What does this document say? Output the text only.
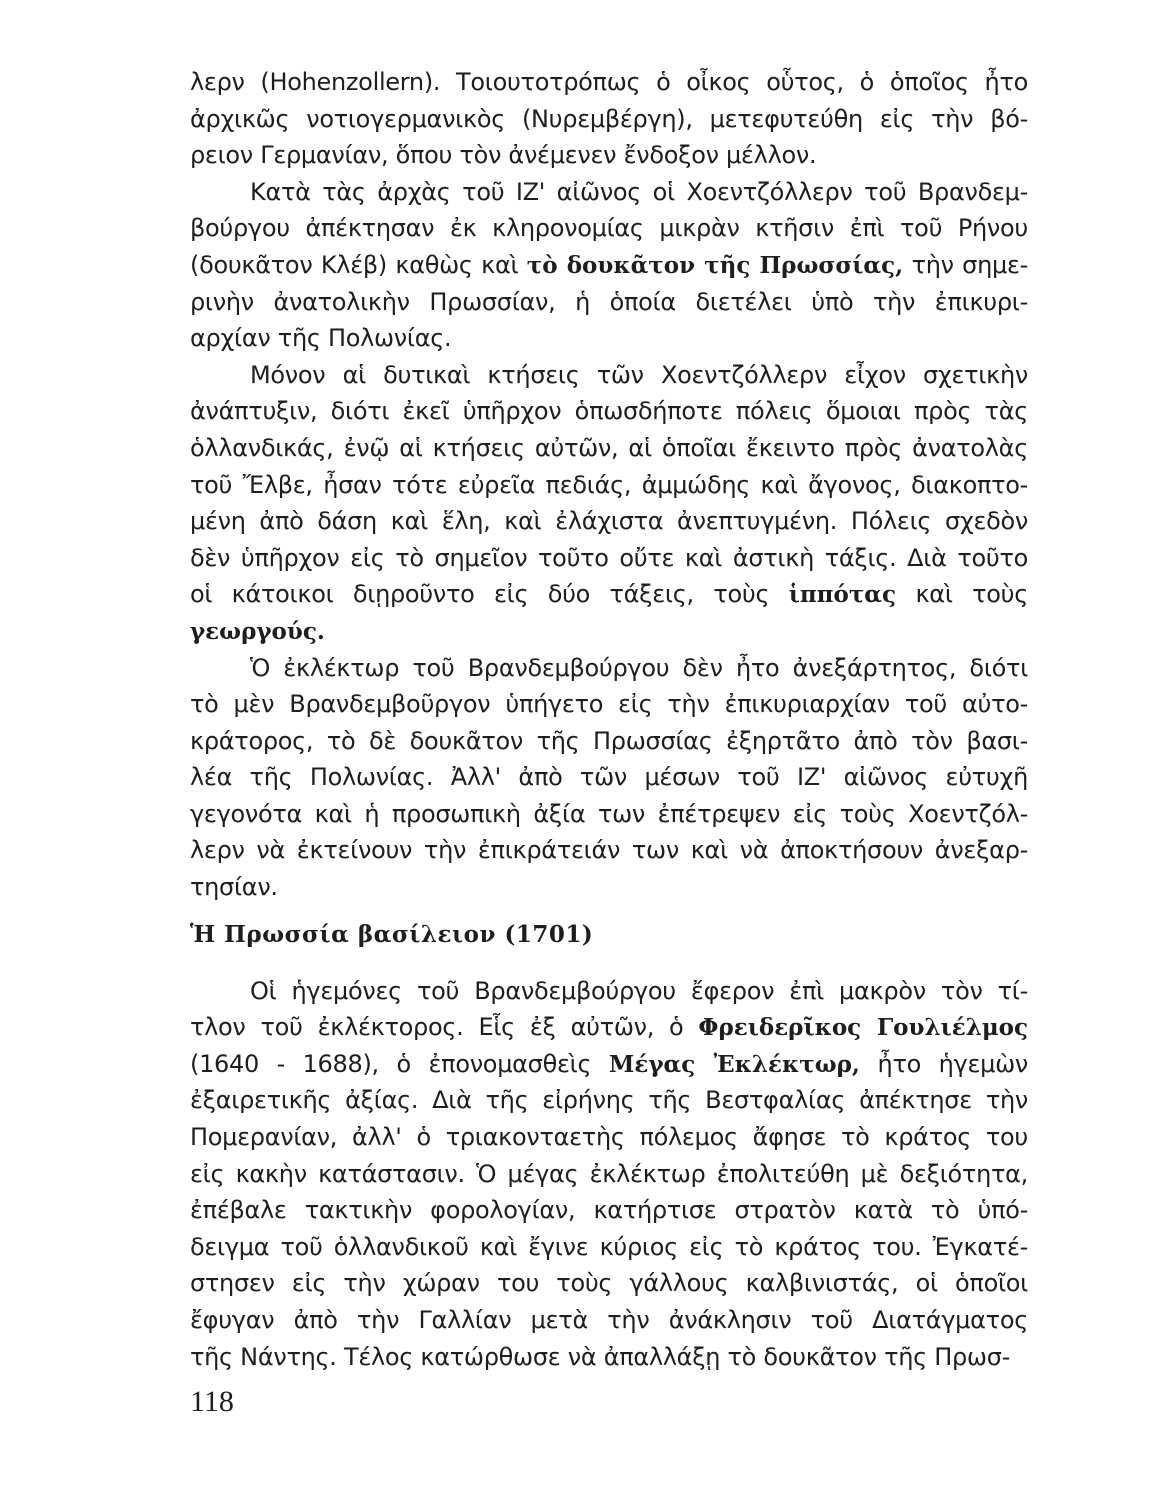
λερν (Hohenzollern). Τοιουτοτρόπως ὁ οἶκος οὗτος, ὁ ὁποῖος ἦτο
ἀρχικῶς νοτιογερμανικὸς (Νυρεμβέργη), μετεφυτεύθη εἰς τὴν βό-
ρειον Γερμανίαν, ὅπου τὸν ἀνέμενεν ἔνδοξον μέλλον.
Κατὰ τὰς ἀρχὰς τοῦ ΙΖ' αἰῶνος οἱ Χοεντζόλλερν τοῦ Βρανδεμ-
βούργου ἀπέκτησαν ἐκ κληρονομίας μικρὰν κτῆσιν ἐπὶ τοῦ Ρήνου
(δουκᾶτον Κλέβ) καθὼς καὶ τὸ δουκᾶτον τῆς Πρωσσίας, τὴν σημε-
ρινὴν ἀνατολικὴν Πρωσσίαν, ἡ ὁποία διετέλει ὑπὸ τὴν ἐπικυρι-
αρχίαν τῆς Πολωνίας.
Μόνον αἱ δυτικαὶ κτήσεις τῶν Χοεντζόλλερν εἶχον σχετικὴν
ἀνάπτυξιν, διότι ἐκεῖ ὑπῆρχον ὁπωσδήποτε πόλεις ὅμοιαι πρὸς τὰς
ὁλλανδικάς, ἐνῷ αἱ κτήσεις αὐτῶν, αἱ ὁποῖαι ἔκειντο πρὸς ἀνατολὰς
τοῦ Ἔλβε, ἦσαν τότε εὐρεῖα πεδιάς, ἀμμώδης καὶ ἄγονος, διακοπτο-
μένη ἀπὸ δάση καὶ ἕλη, καὶ ἐλάχιστα ἀνεπτυγμένη. Πόλεις σχεδὸν
δὲν ὑπῆρχον εἰς τὸ σημεῖον τοῦτο οὔτε καὶ ἀστικὴ τάξις. Διὰ τοῦτο
οἱ κάτοικοι διῃροῦντο εἰς δύο τάξεις, τοὺς ἱππότας καὶ τοὺς
γεωργούς.
Ὁ ἐκλέκτωρ τοῦ Βρανδεμβούργου δὲν ἦτο ἀνεξάρτητος, διότι
τὸ μὲν Βρανδεμβοῦργον ὑπήγετο εἰς τὴν ἐπικυριαρχίαν τοῦ αὐτο-
κράτορος, τὸ δὲ δουκᾶτον τῆς Πρωσσίας ἐξηρτᾶτο ἀπὸ τὸν βασι-
λέα τῆς Πολωνίας. Ἀλλ' ἀπὸ τῶν μέσων τοῦ ΙΖ' αἰῶνος εὐτυχῆ
γεγονότα καὶ ἡ προσωπικὴ ἀξία των ἐπέτρεψεν εἰς τοὺς Χοεντζόλ-
λερν νὰ ἐκτείνουν τὴν ἐπικράτειάν των καὶ νὰ ἀποκτήσουν ἀνεξαρ-
τησίαν.
Ἡ Πρωσσία βασίλειον (1701)
Οἱ ἡγεμόνες τοῦ Βρανδεμβούργου ἔφερον ἐπὶ μακρὸν τὸν τί-
τλον τοῦ ἐκλέκτορος. Εἷς ἐξ αὐτῶν, ὁ Φρειδερῖκος Γουλιέλμος
(1640 - 1688), ὁ ἐπονομασθεὶς Μέγας Ἐκλέκτωρ, ἦτο ἡγεμὼν
ἐξαιρετικῆς ἀξίας. Διὰ τῆς εἰρήνης τῆς Βεστφαλίας ἀπέκτησε τὴν
Πομερανίαν, ἀλλ' ὁ τριακονταετὴς πόλεμος ἄφησε τὸ κράτος του
εἰς κακὴν κατάστασιν. Ὁ μέγας ἐκλέκτωρ ἐπολιτεύθη μὲ δεξιότητα,
ἐπέβαλε τακτικὴν φορολογίαν, κατήρτισε στρατὸν κατὰ τὸ ὑπό-
δειγμα τοῦ ὁλλανδικοῦ καὶ ἔγινε κύριος εἰς τὸ κράτος του. Ἐγκατέ-
στησεν εἰς τὴν χώραν του τοὺς γάλλους καλβινιστάς, οἱ ὁποῖοι
ἔφυγαν ἀπὸ τὴν Γαλλίαν μετὰ τὴν ἀνάκλησιν τοῦ Διατάγματος
τῆς Νάντης. Τέλος κατώρθωσε νὰ ἀπαλλάξῃ τὸ δουκᾶτον τῆς Πρωσ-
118
